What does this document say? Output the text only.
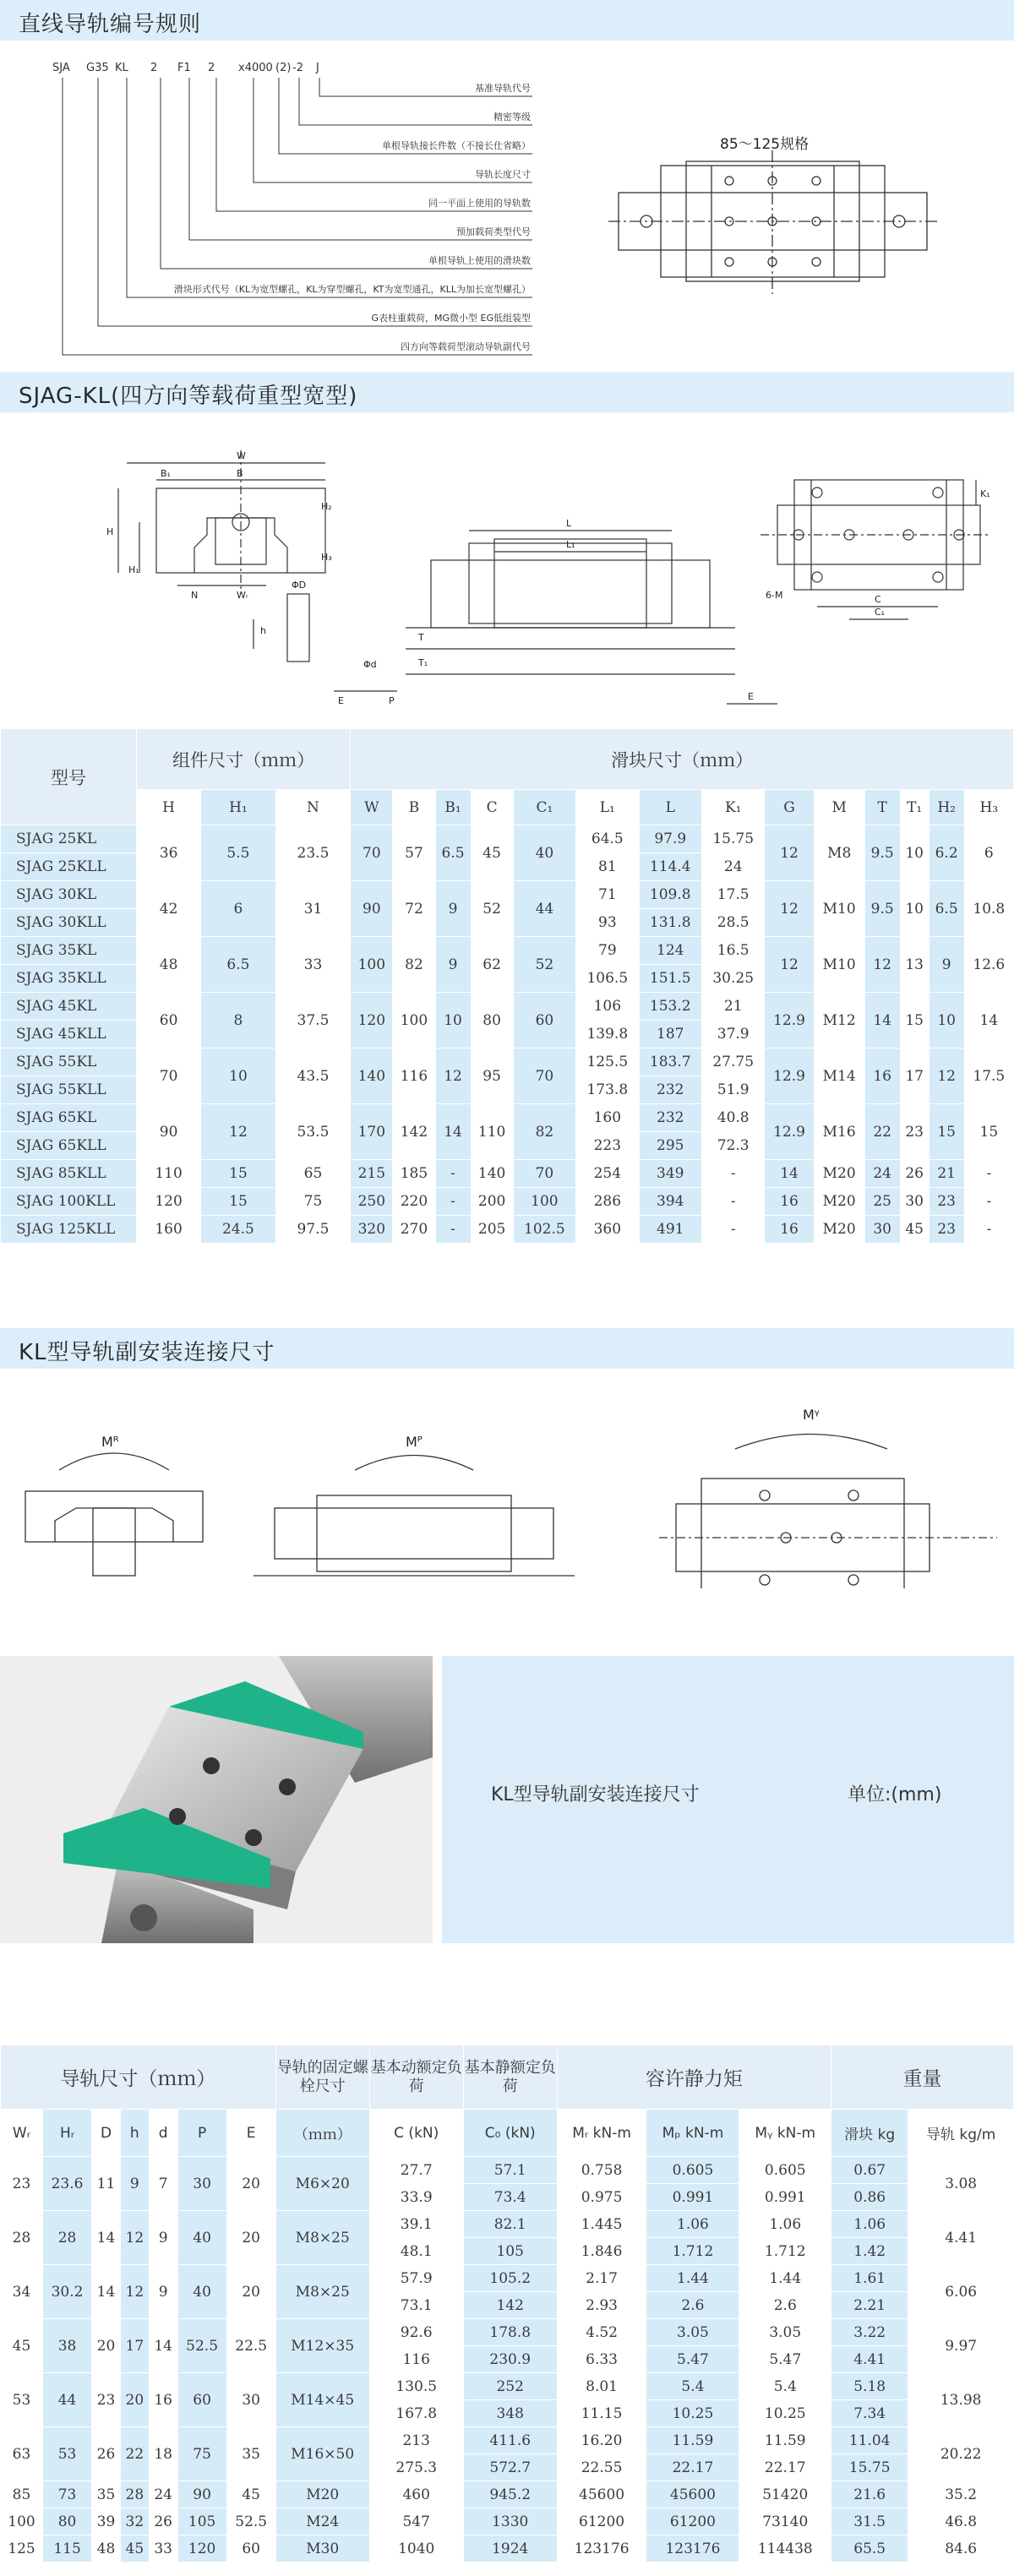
直线导轨编号规则
SJA G35 KL 2 F1 2 x4000 (2) -2 J
基准导轨代号
精密等级
单根导轨接长件数（不接长仕省略）
导轨长度尺寸
同一平面上使用的导轨数
预加载荷类型代号
单根导轨上使用的滑块数
滑块形式代号（KL为宽型螺孔，KL为穿型螺孔，KT为宽型通孔，KLL为加长宽型螺孔）
G表柱重载荷，MG微小型 EG低组装型
四方向等载荷型滚动导轨副代号
85～125规格
SJAG-KL(四方向等载荷重型宽型)
W
B
B₁
H
H₁
H₂
H₃
N	Wᵣ
ΦD
Φd
h
E	P
L
L₁
E
K₁
C
C₁
6-M
T
T₁
型号	组件尺寸（ｍｍ）			滑块尺寸（ｍｍ）													
	H	H₁	N	W	B	B₁	C	C₁	L₁	L	K₁	G	M	T	T₁	H₂	H₃
SJAG 25KL	36	5.5	23.5	70	57	6.5	45	40	64.5	97.9	15.75	12	M8	9.5	10	6.2	6
SJAG 25KLL									81	114.4	24						
SJAG 30KL	42	6	31	90	72	9	52	44	71	109.8	17.5	12	M10	9.5	10	6.5	10.8
SJAG 30KLL									93	131.8	28.5						
SJAG 35KL	48	6.5	33	100	82	9	62	52	79	124	16.5	12	M10	12	13	9	12.6
SJAG 35KLL									106.5	151.5	30.25						
SJAG 45KL	60	8	37.5	120	100	10	80	60	106	153.2	21	12.9	M12	14	15	10	14
SJAG 45KLL									139.8	187	37.9						
SJAG 55KL	70	10	43.5	140	116	12	95	70	125.5	183.7	27.75	12.9	M14	16	17	12	17.5
SJAG 55KLL									173.8	232	51.9						
SJAG 65KL	90	12	53.5	170	142	14	110	82	160	232	40.8	12.9	M16	22	23	15	15
SJAG 65KLL									223	295	72.3						
SJAG 85KLL	110	15	65	215	185	-	140	70	254	349	-	14	M20	24	26	21	-
SJAG 100KLL	120	15	75	250	220	-	200	100	286	394	-	16	M20	25	30	23	-
SJAG 125KLL	160	24.5	97.5	320	270	-	205	102.5	360	491	-	16	M20	30	45	23	-
KL型导轨副安装连接尺寸
Mᴿ	Mᴾ
Mᵞ
KL型导轨副安装连接尺寸	单位:(mm)
导轨尺寸（ｍｍ）							导轨的固定螺栓尺寸	基本动额定负荷	基本静额定负荷	容许静力矩			重量	
Wᵣ	Hᵣ	D	h	d	P	E	（ｍｍ）	C (kN)	C₀ (kN)	Mᵣ kN-m	Mₚ kN-m	Mᵧ kN-m	滑块 kg	导轨 kg/m
23	23.6	11	9	7	30	20	M6×20	27.7	57.1	0.758	0.605	0.605	0.67	3.08
								33.9	73.4	0.975	0.991	0.991	0.86	
28	28	14	12	9	40	20	M8×25	39.1	82.1	1.445	1.06	1.06	1.06	4.41
								48.1	105	1.846	1.712	1.712	1.42	
34	30.2	14	12	9	40	20	M8×25	57.9	105.2	2.17	1.44	1.44	1.61	6.06
								73.1	142	2.93	2.6	2.6	2.21	
45	38	20	17	14	52.5	22.5	M12×35	92.6	178.8	4.52	3.05	3.05	3.22	9.97
								116	230.9	6.33	5.47	5.47	4.41	
53	44	23	20	16	60	30	M14×45	130.5	252	8.01	5.4	5.4	5.18	13.98
								167.8	348	11.15	10.25	10.25	7.34	
63	53	26	22	18	75	35	M16×50	213	411.6	16.20	11.59	11.59	11.04	20.22
								275.3	572.7	22.55	22.17	22.17	15.75	
85	73	35	28	24	90	45	M20	460	945.2	45600	45600	51420	21.6	35.2
100	80	39	32	26	105	52.5	M24	547	1330	61200	61200	73140	31.5	46.8
125	115	48	45	33	120	60	M30	1040	1924	123176	123176	114438	65.5	84.6
